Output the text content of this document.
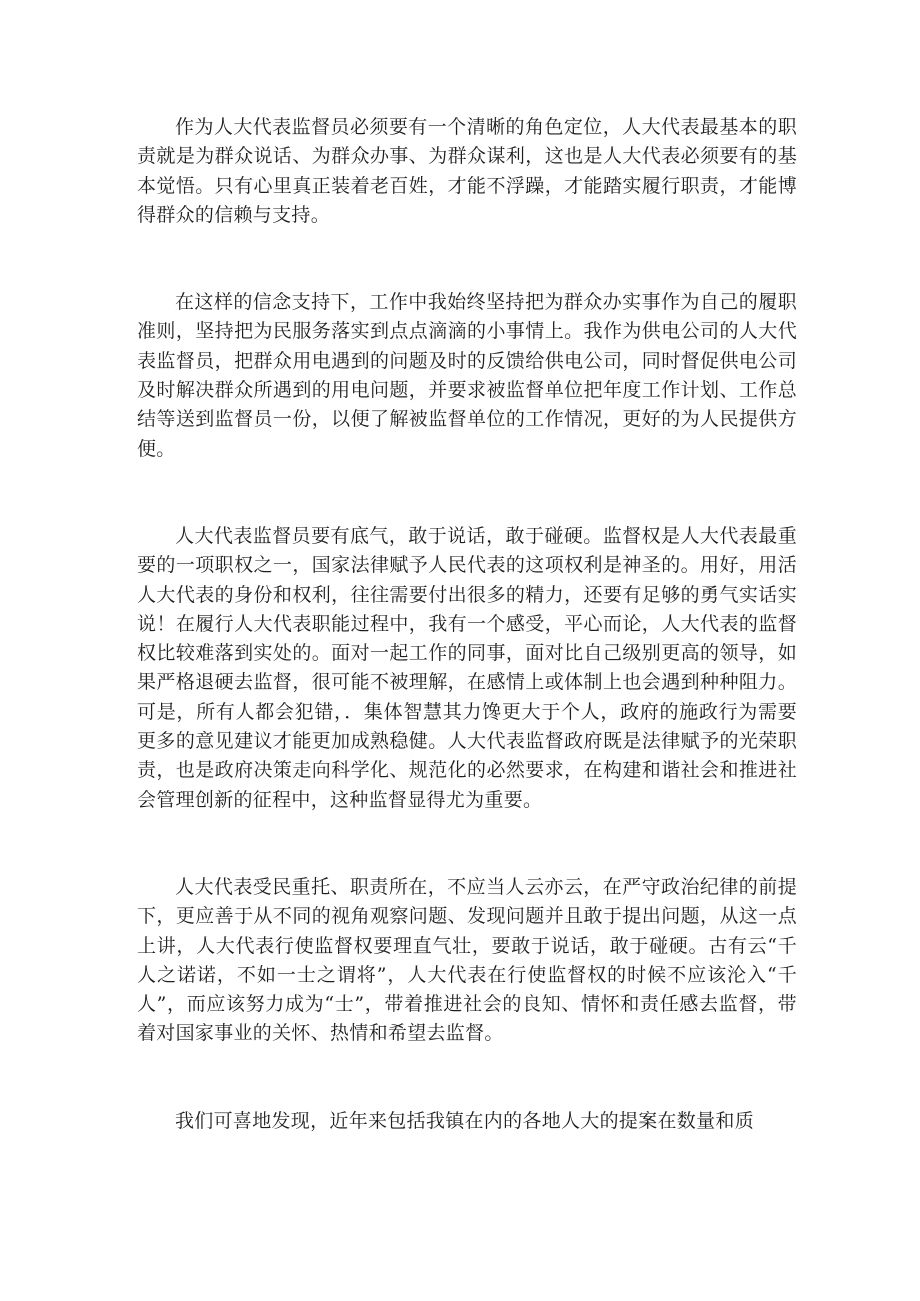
作为人大代表监督员必须要有一个清晰的角色定位，人大代表最基本的职责就是为群众说话、为群众办事、为群众谋利，这也是人大代表必须要有的基本觉悟。只有心里真正装着老百姓，才能不浮躁，才能踏实履行职责，才能博得群众的信赖与支持。

在这样的信念支持下，工作中我始终坚持把为群众办实事作为自己的履职准则，坚持把为民服务落实到点点滴滴的小事情上。我作为供电公司的人大代表监督员，把群众用电遇到的问题及时的反馈给供电公司，同时督促供电公司及时解决群众所遇到的用电问题，并要求被监督单位把年度工作计划、工作总结等送到监督员一份，以便了解被监督单位的工作情况，更好的为人民提供方便。

人大代表监督员要有底气，敢于说话，敢于碰硬。监督权是人大代表最重要的一项职权之一，国家法律赋予人民代表的这项权利是神圣的。用好，用活人大代表的身份和权利，往往需要付出很多的精力，还要有足够的勇气实话实说！在履行人大代表职能过程中，我有一个感受，平心而论，人大代表的监督权比较难落到实处的。面对一起工作的同事，面对比自己级别更高的领导，如果严格退硬去监督，很可能不被理解，在感情上或体制上也会遇到种种阻力。可是，所有人都会犯错，．集体智慧其力馋更大于个人，政府的施政行为需要更多的意见建议才能更加成熟稳健。人大代表监督政府既是法律赋予的光荣职责，也是政府决策走向科学化、规范化的必然要求，在构建和谐社会和推进社会管理创新的征程中，这种监督显得尤为重要。

人大代表受民重托、职责所在，不应当人云亦云，在严守政治纪律的前提下，更应善于从不同的视角观察问题、发现问题并且敢于提出问题，从这一点上讲，人大代表行使监督权要理直气壮，要敢于说话，敢于碰硬。古有云“千人之诺诺，不如一士之谓将”，人大代表在行使监督权的时候不应该沦入“千人”，而应该努力成为“士”，带着推进社会的良知、情怀和责任感去监督，带着对国家事业的关怀、热情和希望去监督。

我们可喜地发现，近年来包括我镇在内的各地人大的提案在数量和质
